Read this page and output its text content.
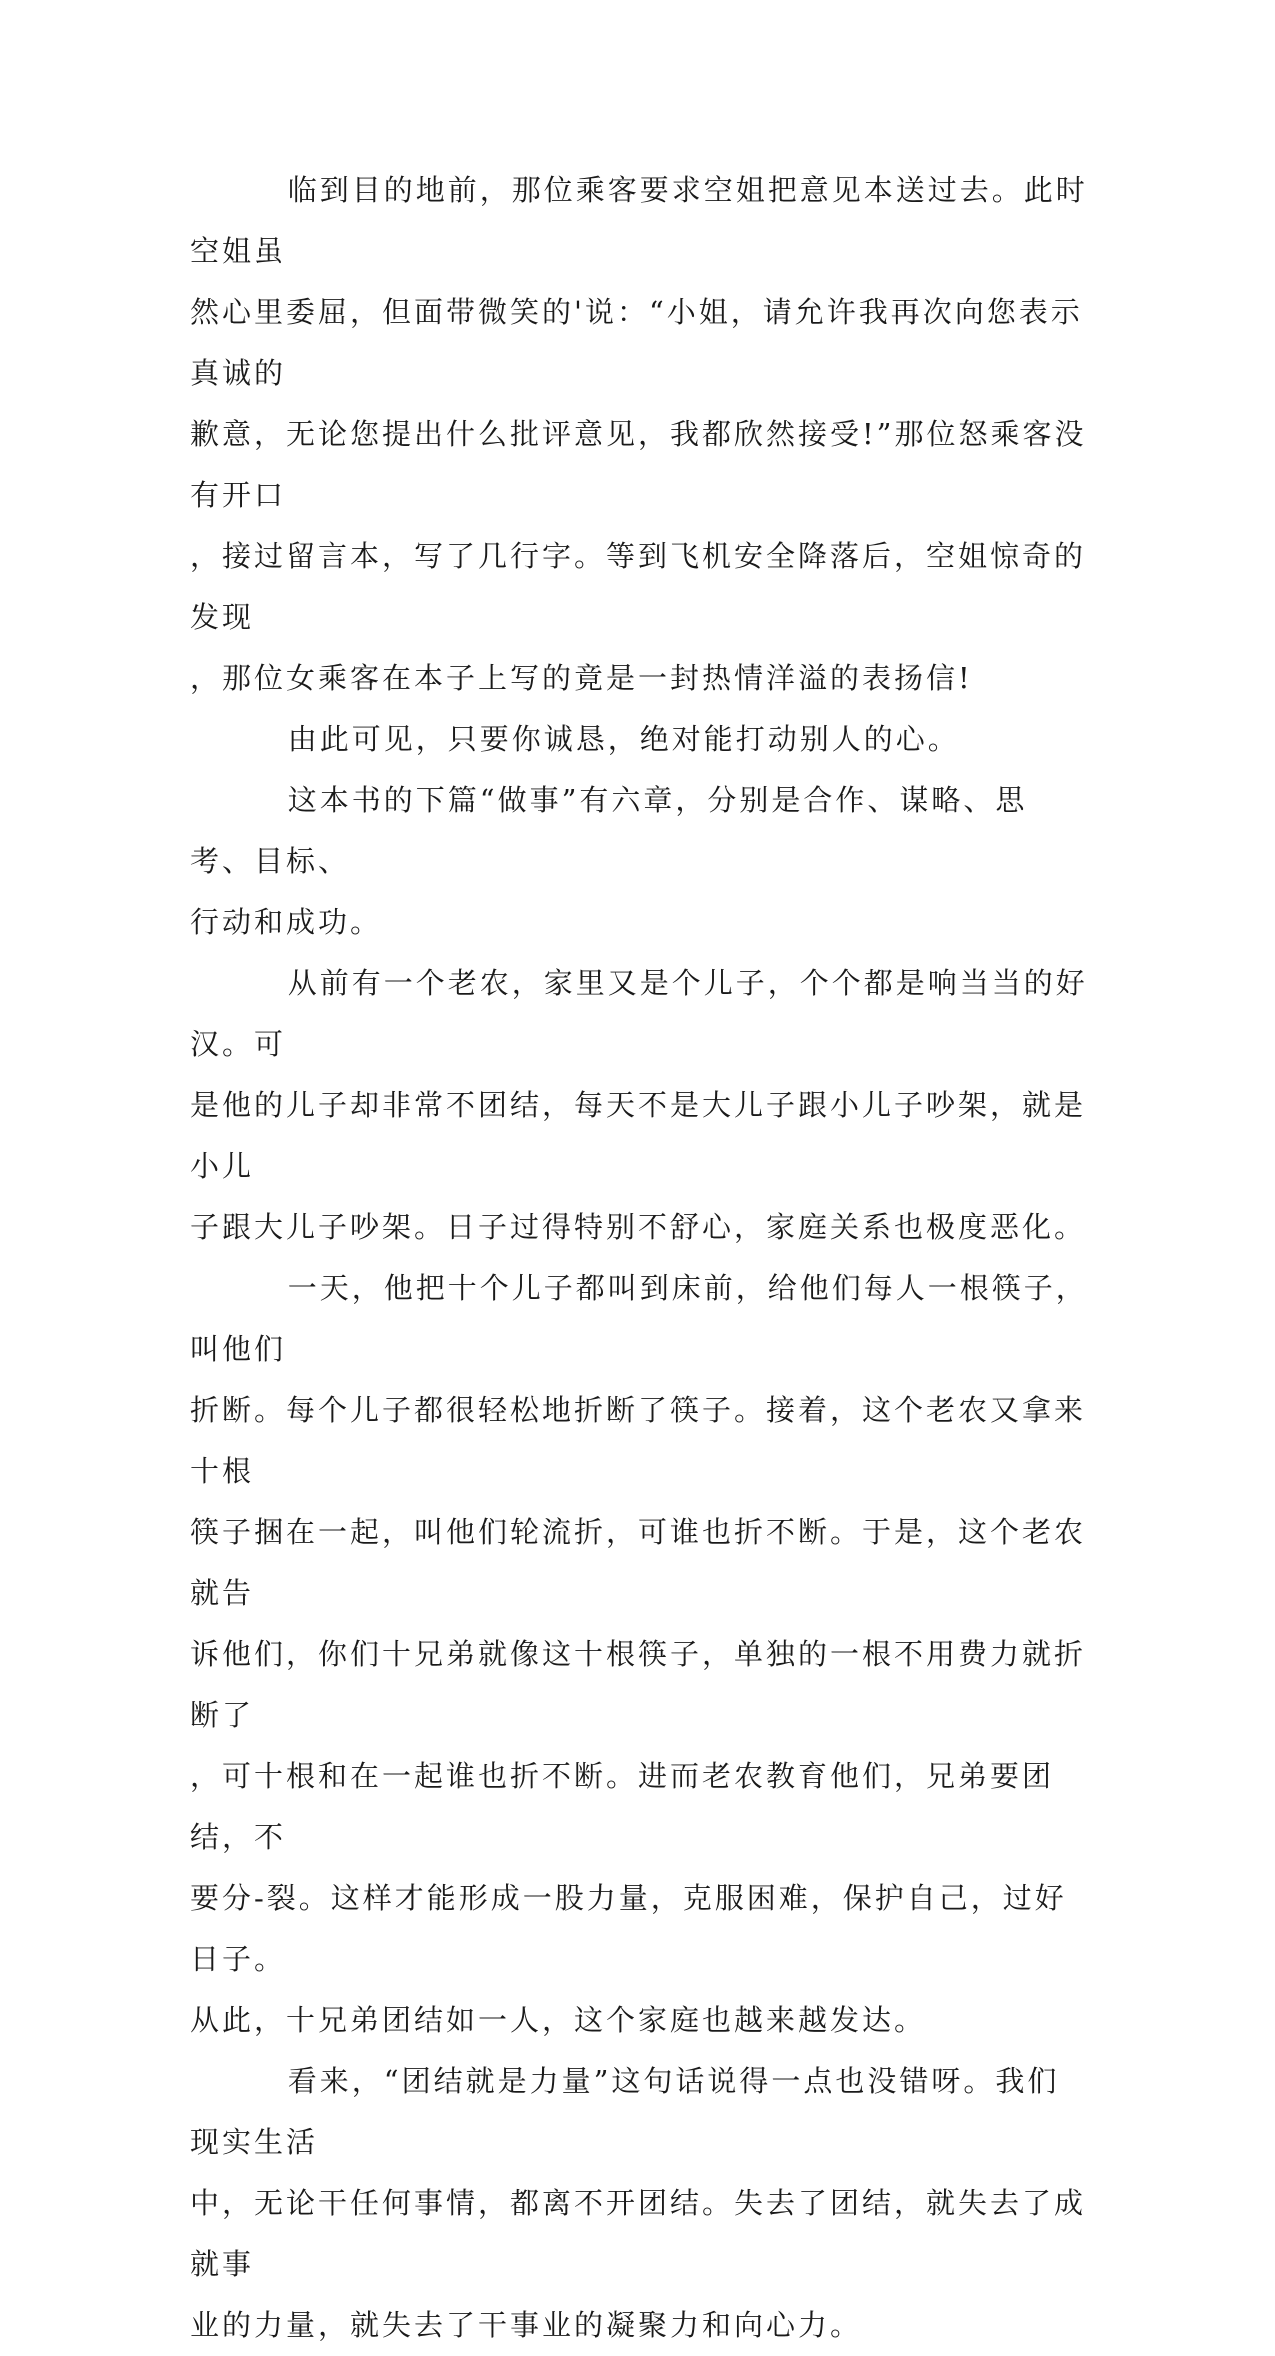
临到目的地前，那位乘客要求空姐把意见本送过去。此时空姐虽
然心里委屈，但面带微笑的'说：“小姐，请允许我再次向您表示真诚的
歉意，无论您提出什么批评意见，我都欣然接受!”那位怒乘客没有开口
，接过留言本，写了几行字。等到飞机安全降落后，空姐惊奇的发现
，那位女乘客在本子上写的竟是一封热情洋溢的表扬信!
由此可见，只要你诚恳，绝对能打动别人的心。
这本书的下篇“做事”有六章，分别是合作、谋略、思考、目标、
行动和成功。
从前有一个老农，家里又是个儿子，个个都是响当当的好汉。可
是他的儿子却非常不团结，每天不是大儿子跟小儿子吵架，就是小儿
子跟大儿子吵架。日子过得特别不舒心，家庭关系也极度恶化。
一天，他把十个儿子都叫到床前，给他们每人一根筷子，叫他们
折断。每个儿子都很轻松地折断了筷子。接着，这个老农又拿来十根
筷子捆在一起，叫他们轮流折，可谁也折不断。于是，这个老农就告
诉他们，你们十兄弟就像这十根筷子，单独的一根不用费力就折断了
，可十根和在一起谁也折不断。进而老农教育他们，兄弟要团结，不
要分-裂。这样才能形成一股力量，克服困难，保护自己，过好日子。
从此，十兄弟团结如一人，这个家庭也越来越发达。
看来，“团结就是力量”这句话说得一点也没错呀。我们现实生活
中，无论干任何事情，都离不开团结。失去了团结，就失去了成就事
业的力量，就失去了干事业的凝聚力和向心力。
